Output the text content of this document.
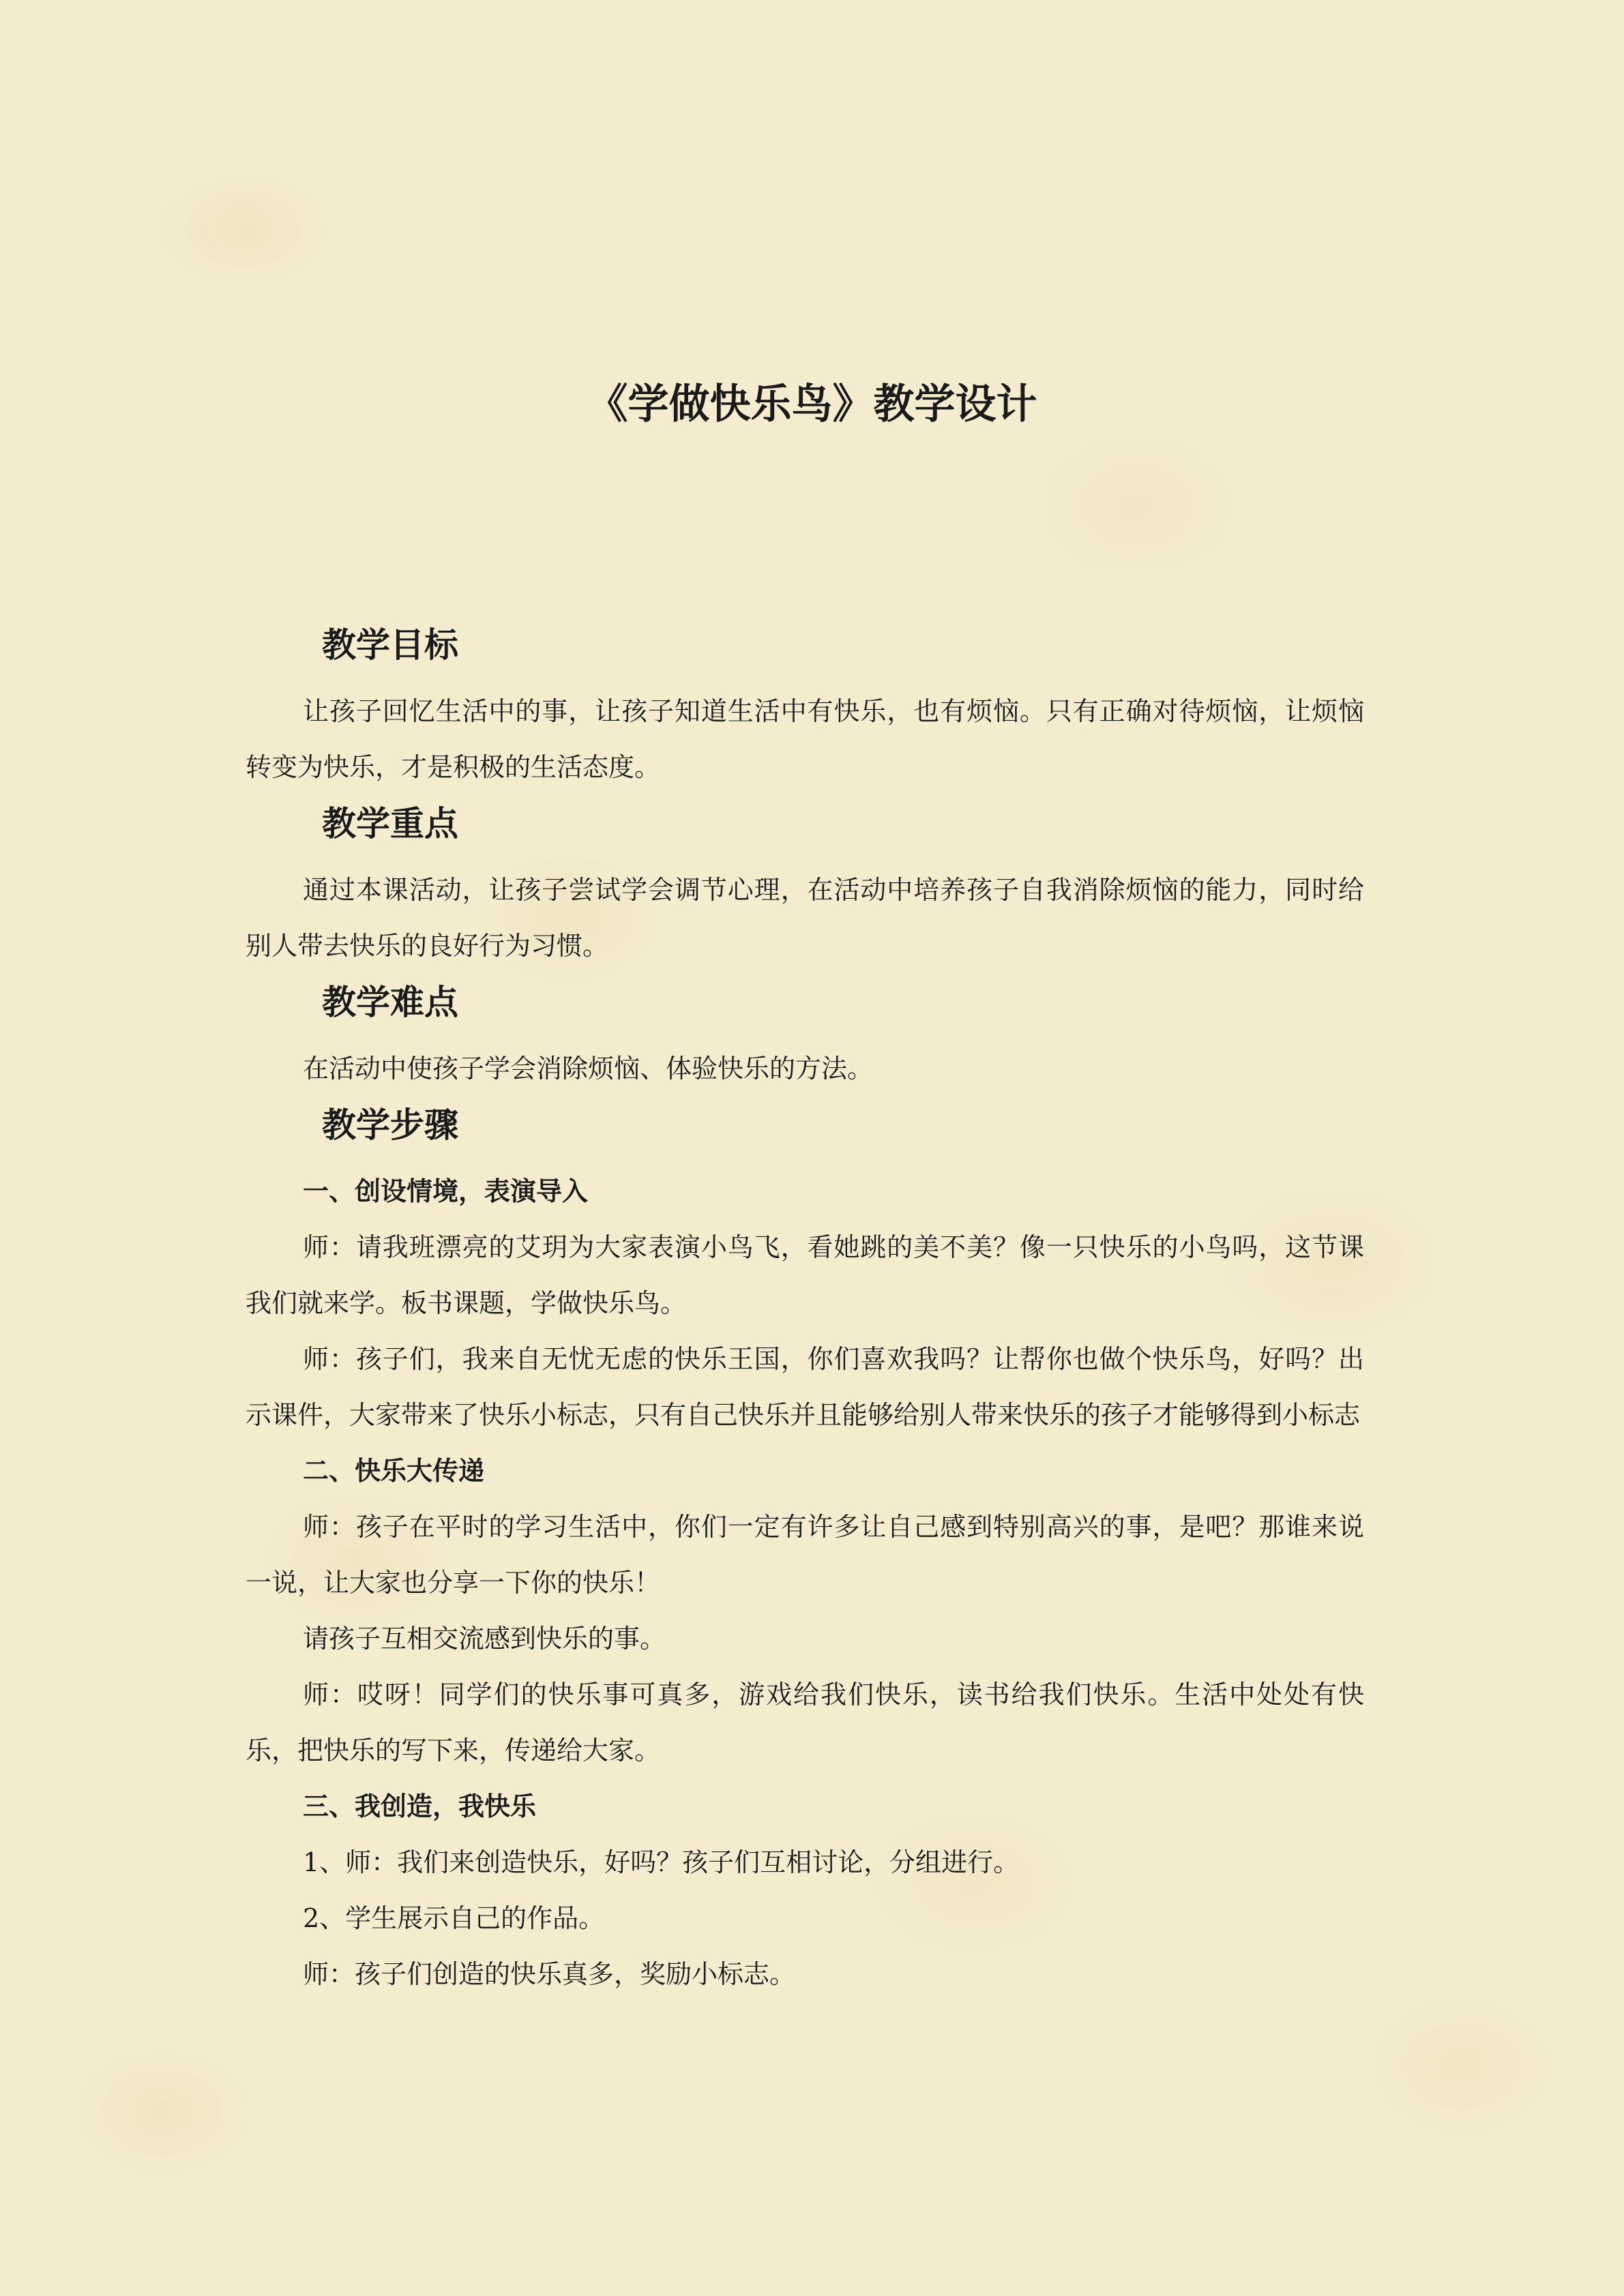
《学做快乐鸟》教学设计
教学目标

让孩子回忆生活中的事，让孩子知道生活中有快乐，也有烦恼。只有正确对待烦恼，让烦恼转变为快乐，才是积极的生活态度。

教学重点

通过本课活动，让孩子尝试学会调节心理，在活动中培养孩子自我消除烦恼的能力，同时给别人带去快乐的良好行为习惯。

教学难点

在活动中使孩子学会消除烦恼、体验快乐的方法。

教学步骤

一、创设情境，表演导入

师：请我班漂亮的艾玥为大家表演小鸟飞，看她跳的美不美？像一只快乐的小鸟吗，这节课我们就来学。板书课题，学做快乐鸟。

师：孩子们，我来自无忧无虑的快乐王国，你们喜欢我吗？让帮你也做个快乐鸟，好吗？出示课件，大家带来了快乐小标志，只有自己快乐并且能够给别人带来快乐的孩子才能够得到小标志

二、快乐大传递

师：孩子在平时的学习生活中，你们一定有许多让自己感到特别高兴的事，是吧？那谁来说一说，让大家也分享一下你的快乐！

请孩子互相交流感到快乐的事。

师：哎呀！同学们的快乐事可真多，游戏给我们快乐，读书给我们快乐。生活中处处有快乐，把快乐的写下来，传递给大家。

三、我创造，我快乐

1、师：我们来创造快乐，好吗？孩子们互相讨论，分组进行。

2、学生展示自己的作品。

师：孩子们创造的快乐真多，奖励小标志。
